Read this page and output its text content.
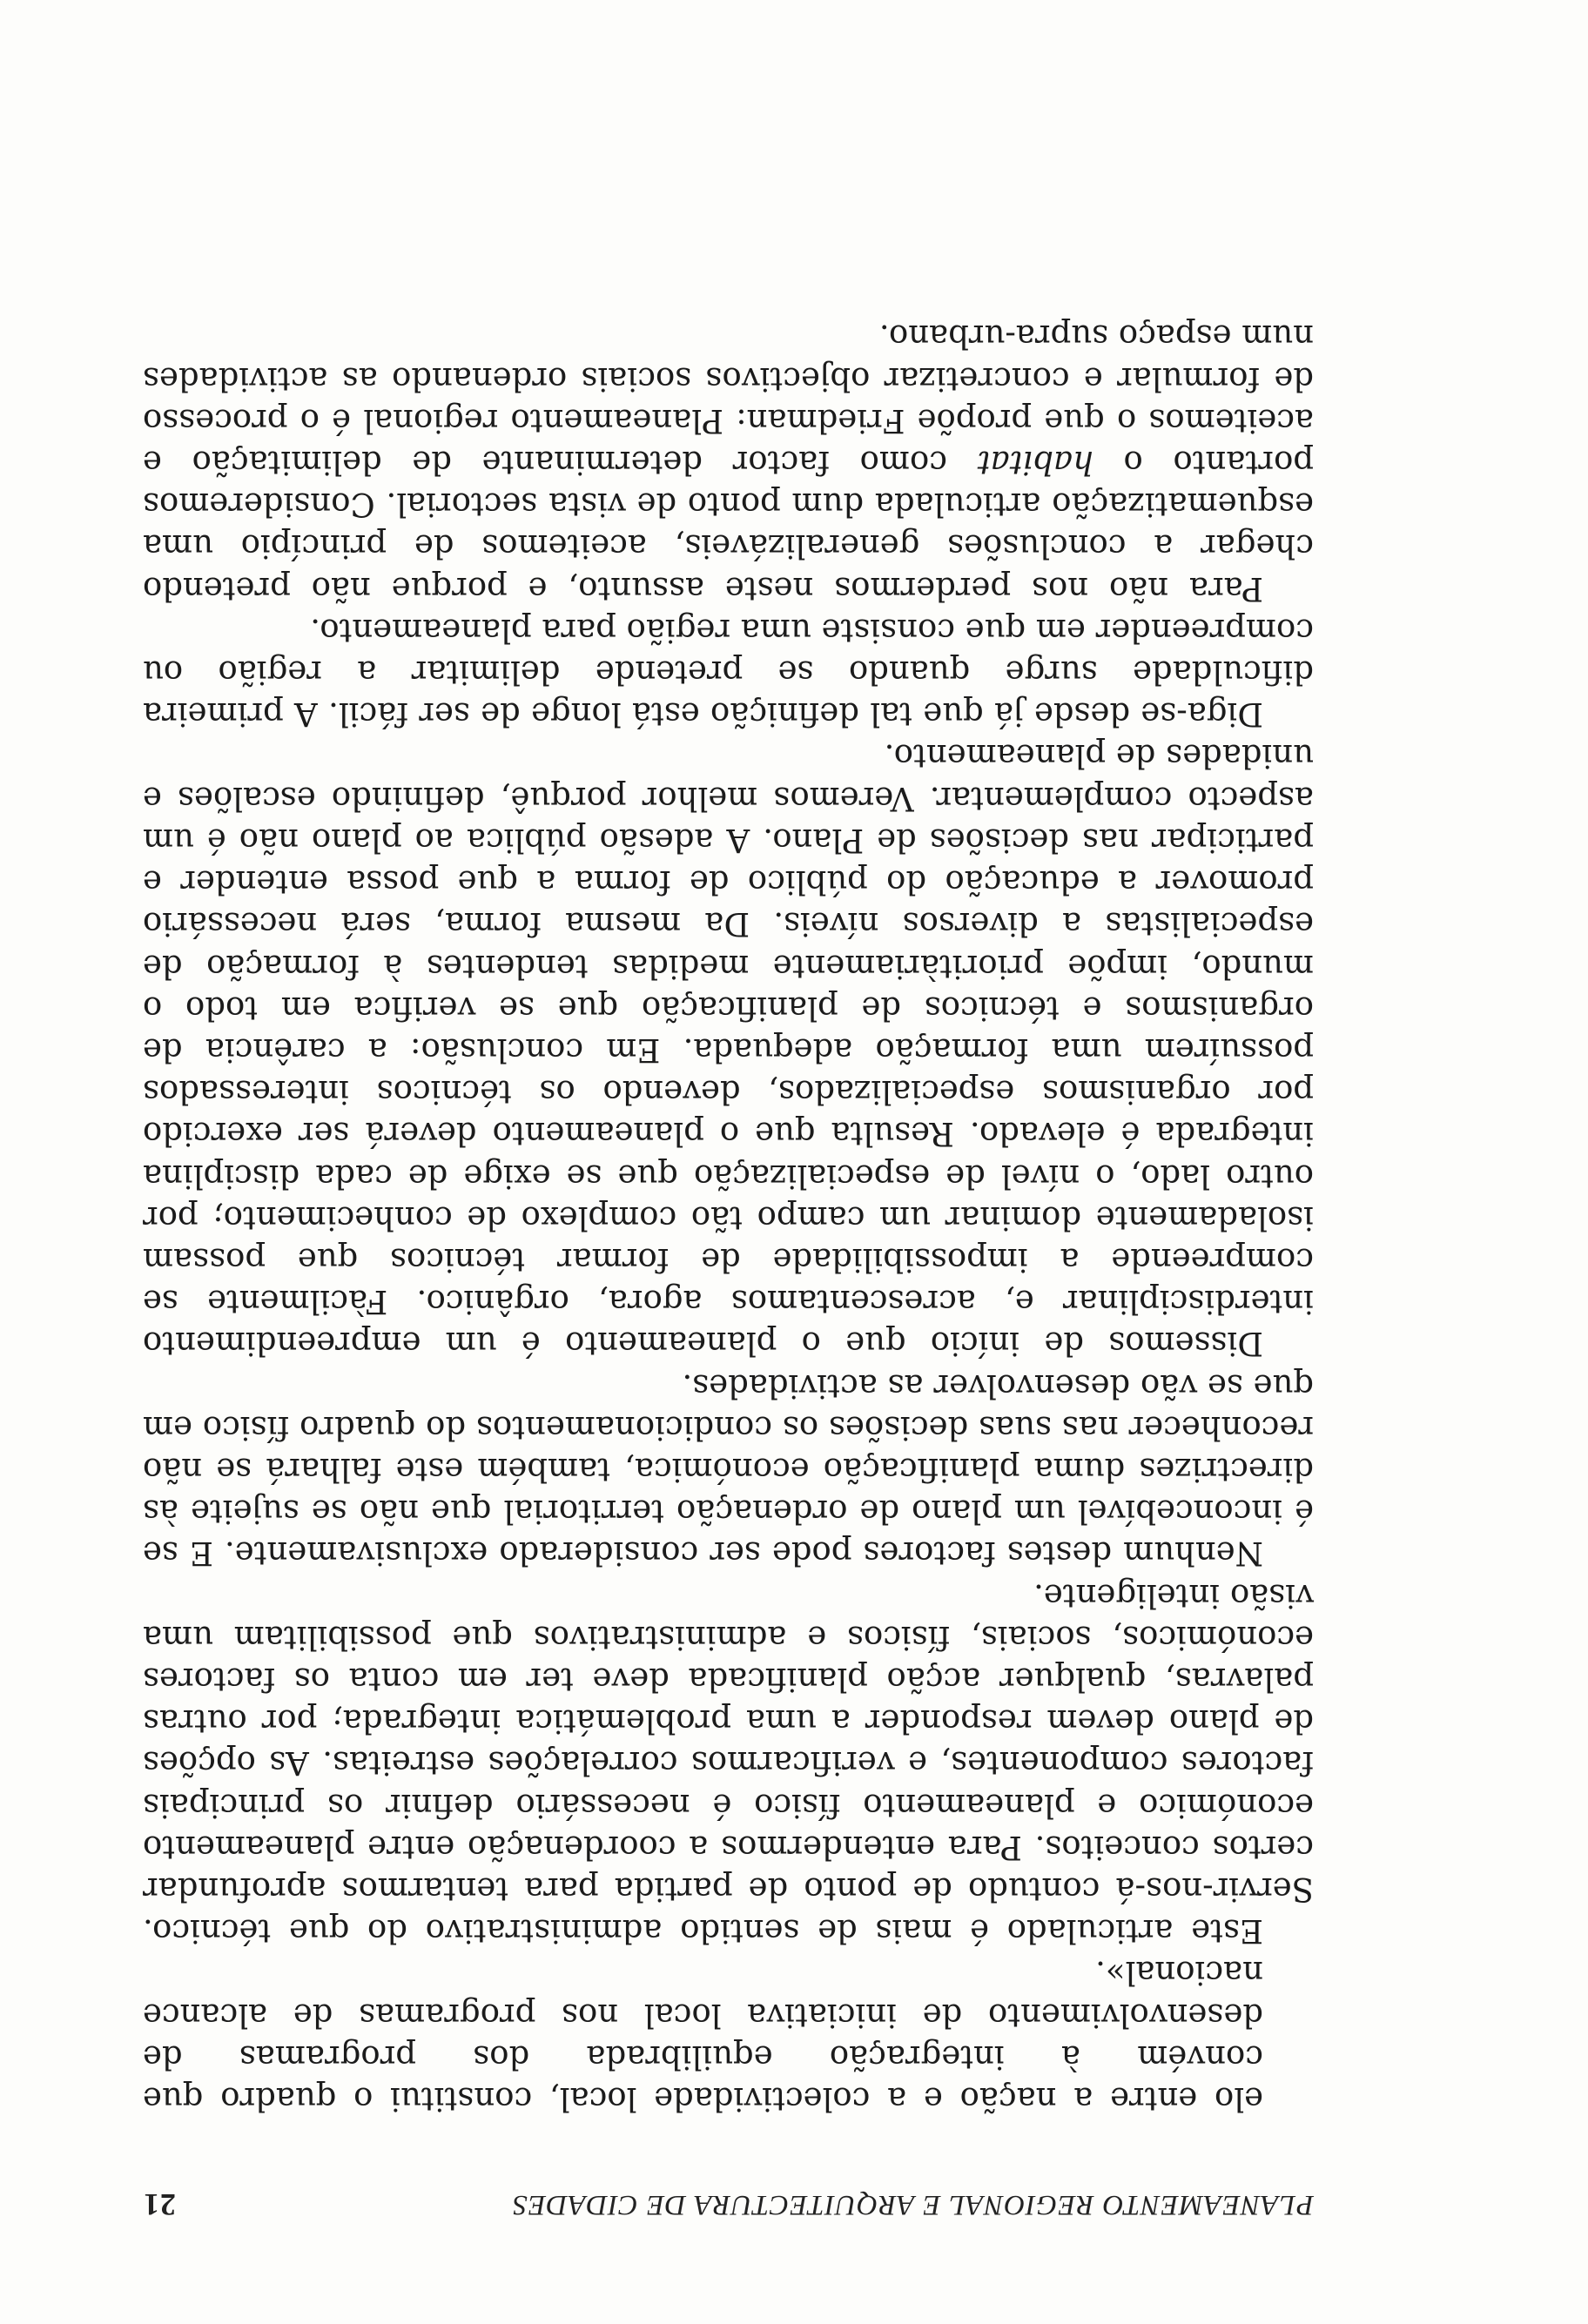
PLANEAMENTO REGIONAL E ARQUITECTURA DE CIDADES
21

elo entre a nação e a colectividade local, constitui o quadro que convém à integração equilibrada dos programas de desenvolvimento de iniciativa local nos programas de alcance nacional».

Este articulado é mais de sentido administrativo do que técnico. Servir-nos-á contudo de ponto de partida para tentarmos aprofundar certos conceitos. Para entendermos a coordenação entre planeamento económico e planeamento físico é necessário definir os principais factores componentes, e verificarmos correlações estreitas. As opções de plano devem responder a uma problemática integrada; por outras palavras, qualquer acção planificada deve ter em conta os factores económicos, sociais, físicos e administrativos que possibilitam uma visão inteligente.

Nenhum destes factores pode ser considerado exclusivamente. E se é inconcebível um plano de ordenação territorial que não se sujeite às directrizes duma planificação económica, também este falhará se não reconhecer nas suas decisões os condicionamentos do quadro físico em que se vão desenvolver as actividades.

Dissemos de início que o planeamento é um empreendimento interdisciplinar e, acrescentamos agora, orgânico. Fàcilmente se compreende a impossibilidade de formar técnicos que possam isoladamente dominar um campo tão complexo de conhecimento; por outro lado, o nível de especialização que se exige de cada disciplina integrada é elevado. Resulta que o planeamento deverá ser exercido por organismos especializados, devendo os técnicos interessados possuírem uma formação adequada. Em conclusão: a carência de organismos e técnicos de planificação que se verifica em todo o mundo, impõe prioritàriamente medidas tendentes à formação de especialistas a diversos níveis. Da mesma forma, será necessário promover a educação do público de forma a que possa entender e participar nas decisões de Plano. A adesão pública ao plano não é um aspecto complementar. Veremos melhor porquê, definindo escalões e unidades de planeamento.

Diga-se desde já que tal definição está longe de ser fácil. A primeira dificuldade surge quando se pretende delimitar a região ou compreender em que consiste uma região para planeamento.

Para não nos perdermos neste assunto, e porque não pretendo chegar a conclusões generalizáveis, aceitemos de princípio uma esquematização articulada dum ponto de vista sectorial. Consideremos portanto o habitat como factor determinante de delimitação e aceitemos o que propõe Friedman: Planeamento regional é o processo de formular e concretizar objectivos sociais ordenando as actividades num espaço supra-urbano.
